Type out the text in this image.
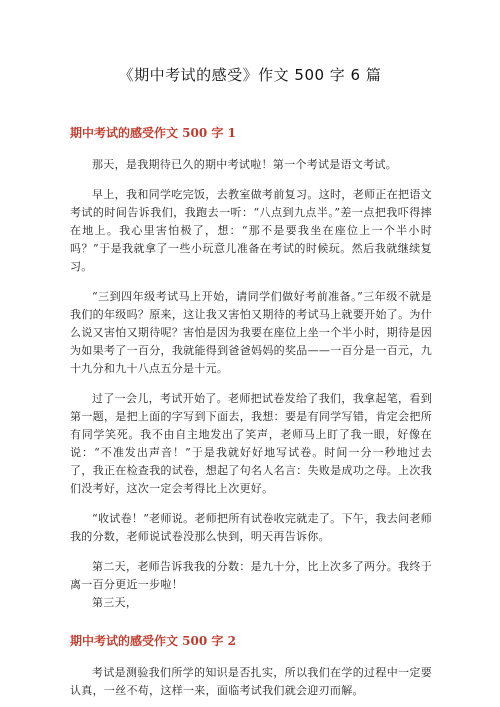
《期中考试的感受》作文 500 字 6 篇

期中考试的感受作文 500 字 1

那天，是我期待已久的期中考试啦！第一个考试是语文考试。

早上，我和同学吃完饭，去教室做考前复习。这时，老师正在把语文考试的时间告诉我们，我跑去一听：“八点到九点半。”差一点把我吓得摔在地上。我心里害怕极了，想：“那不是要我坐在座位上一个半小时吗？”于是我就拿了一些小玩意儿准备在考试的时候玩。然后我就继续复习。

“三到四年级考试马上开始，请同学们做好考前准备。”三年级不就是我们的年级吗？原来，这让我又害怕又期待的考试马上就要开始了。为什么说又害怕又期待呢？害怕是因为我要在座位上坐一个半小时，期待是因为如果考了一百分，我就能得到爸爸妈妈的奖品——一百分是一百元，九十九分和九十八点五分是十元。

过了一会儿，考试开始了。老师把试卷发给了我们，我拿起笔，看到第一题，是把上面的字写到下面去，我想：要是有同学写错，肯定会把所有同学笑死。我不由自主地发出了笑声，老师马上盯了我一眼，好像在说：“不准发出声音！”于是我就好好地写试卷。时间一分一秒地过去了，我正在检查我的试卷，想起了句名人名言：失败是成功之母。上次我们没考好，这次一定会考得比上次更好。

“收试卷！”老师说。老师把所有试卷收完就走了。下午，我去问老师我的分数，老师说试卷没那么快到，明天再告诉你。

第二天，老师告诉我我的分数：是九十分，比上次多了两分。我终于离一百分更近一步啦！

第三天，

期中考试的感受作文 500 字 2

考试是测验我们所学的知识是否扎实，所以我们在学的过程中一定要认真，一丝不苟，这样一来，面临考试我们就会迎刃而解。
